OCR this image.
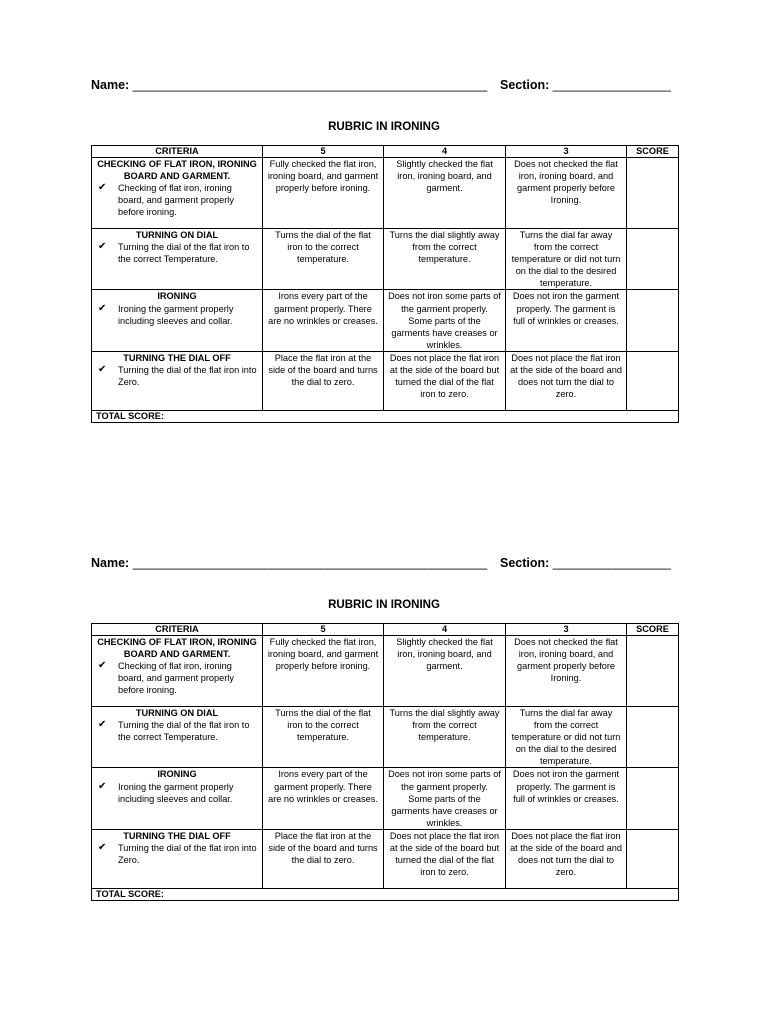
Name: ___________________________________________________ Section: _________________
RUBRIC IN IRONING
CRITERIA	5	4	3	SCORE

CHECKING OF FLAT IRON, IRONING BOARD AND GARMENT.
✔ Checking of flat iron, ironing board, and garment properly before ironing.	Fully checked the flat iron, ironing board, and garment properly before ironing.	Slightly checked the flat iron, ironing board, and garment.	Does not checked the flat iron, ironing board, and garment properly before Ironing.	

TURNING ON DIAL
✔ Turning the dial of the flat iron to the correct Temperature.	Turns the dial of the flat iron to the correct temperature.	Turns the dial slightly away from the correct temperature.	Turns the dial far away from the correct temperature or did not turn on the dial to the desired temperature.	

IRONING
✔ Ironing the garment properly including sleeves and collar.	Irons every part of the garment properly. There are no wrinkles or creases.	Does not iron some parts of the garment properly. Some parts of the garments have creases or wrinkles.	Does not iron the garment properly. The garment is full of wrinkles or creases.	

TURNING THE DIAL OFF
✔ Turning the dial of the flat iron into Zero.	Place the flat iron at the side of the board and turns the dial to zero.	Does not place the flat iron at the side of the board but turned the dial of the flat iron to zero.	Does not place the flat iron at the side of the board and does not turn the dial to zero.	
TOTAL SCORE:				
Name: ___________________________________________________ Section: _________________
RUBRIC IN IRONING
CRITERIA	5	4	3	SCORE

CHECKING OF FLAT IRON, IRONING BOARD AND GARMENT.
✔ Checking of flat iron, ironing board, and garment properly before ironing.	Fully checked the flat iron, ironing board, and garment properly before ironing.	Slightly checked the flat iron, ironing board, and garment.	Does not checked the flat iron, ironing board, and garment properly before Ironing.	

TURNING ON DIAL
✔ Turning the dial of the flat iron to the correct Temperature.	Turns the dial of the flat iron to the correct temperature.	Turns the dial slightly away from the correct temperature.	Turns the dial far away from the correct temperature or did not turn on the dial to the desired temperature.	

IRONING
✔ Ironing the garment properly including sleeves and collar.	Irons every part of the garment properly. There are no wrinkles or creases.	Does not iron some parts of the garment properly. Some parts of the garments have creases or wrinkles.	Does not iron the garment properly. The garment is full of wrinkles or creases.	

TURNING THE DIAL OFF
✔ Turning the dial of the flat iron into Zero.	Place the flat iron at the side of the board and turns the dial to zero.	Does not place the flat iron at the side of the board but turned the dial of the flat iron to zero.	Does not place the flat iron at the side of the board and does not turn the dial to zero.	
TOTAL SCORE:				
